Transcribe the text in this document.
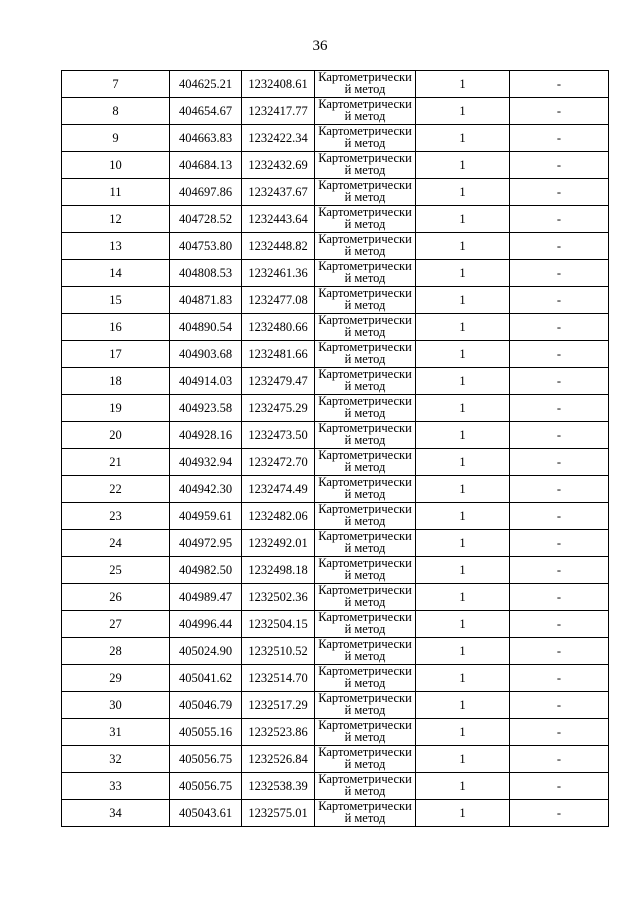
36
7	404625.21	1232408.61	Картометрически й метод	1	-
8	404654.67	1232417.77	Картометрически й метод	1	-
9	404663.83	1232422.34	Картометрически й метод	1	-
10	404684.13	1232432.69	Картометрически й метод	1	-
11	404697.86	1232437.67	Картометрически й метод	1	-
12	404728.52	1232443.64	Картометрически й метод	1	-
13	404753.80	1232448.82	Картометрически й метод	1	-
14	404808.53	1232461.36	Картометрически й метод	1	-
15	404871.83	1232477.08	Картометрически й метод	1	-
16	404890.54	1232480.66	Картометрически й метод	1	-
17	404903.68	1232481.66	Картометрически й метод	1	-
18	404914.03	1232479.47	Картометрически й метод	1	-
19	404923.58	1232475.29	Картометрически й метод	1	-
20	404928.16	1232473.50	Картометрически й метод	1	-
21	404932.94	1232472.70	Картометрически й метод	1	-
22	404942.30	1232474.49	Картометрически й метод	1	-
23	404959.61	1232482.06	Картометрически й метод	1	-
24	404972.95	1232492.01	Картометрически й метод	1	-
25	404982.50	1232498.18	Картометрически й метод	1	-
26	404989.47	1232502.36	Картометрически й метод	1	-
27	404996.44	1232504.15	Картометрически й метод	1	-
28	405024.90	1232510.52	Картометрически й метод	1	-
29	405041.62	1232514.70	Картометрически й метод	1	-
30	405046.79	1232517.29	Картометрически й метод	1	-
31	405055.16	1232523.86	Картометрически й метод	1	-
32	405056.75	1232526.84	Картометрически й метод	1	-
33	405056.75	1232538.39	Картометрически й метод	1	-
34	405043.61	1232575.01	Картометрически й метод	1	-
